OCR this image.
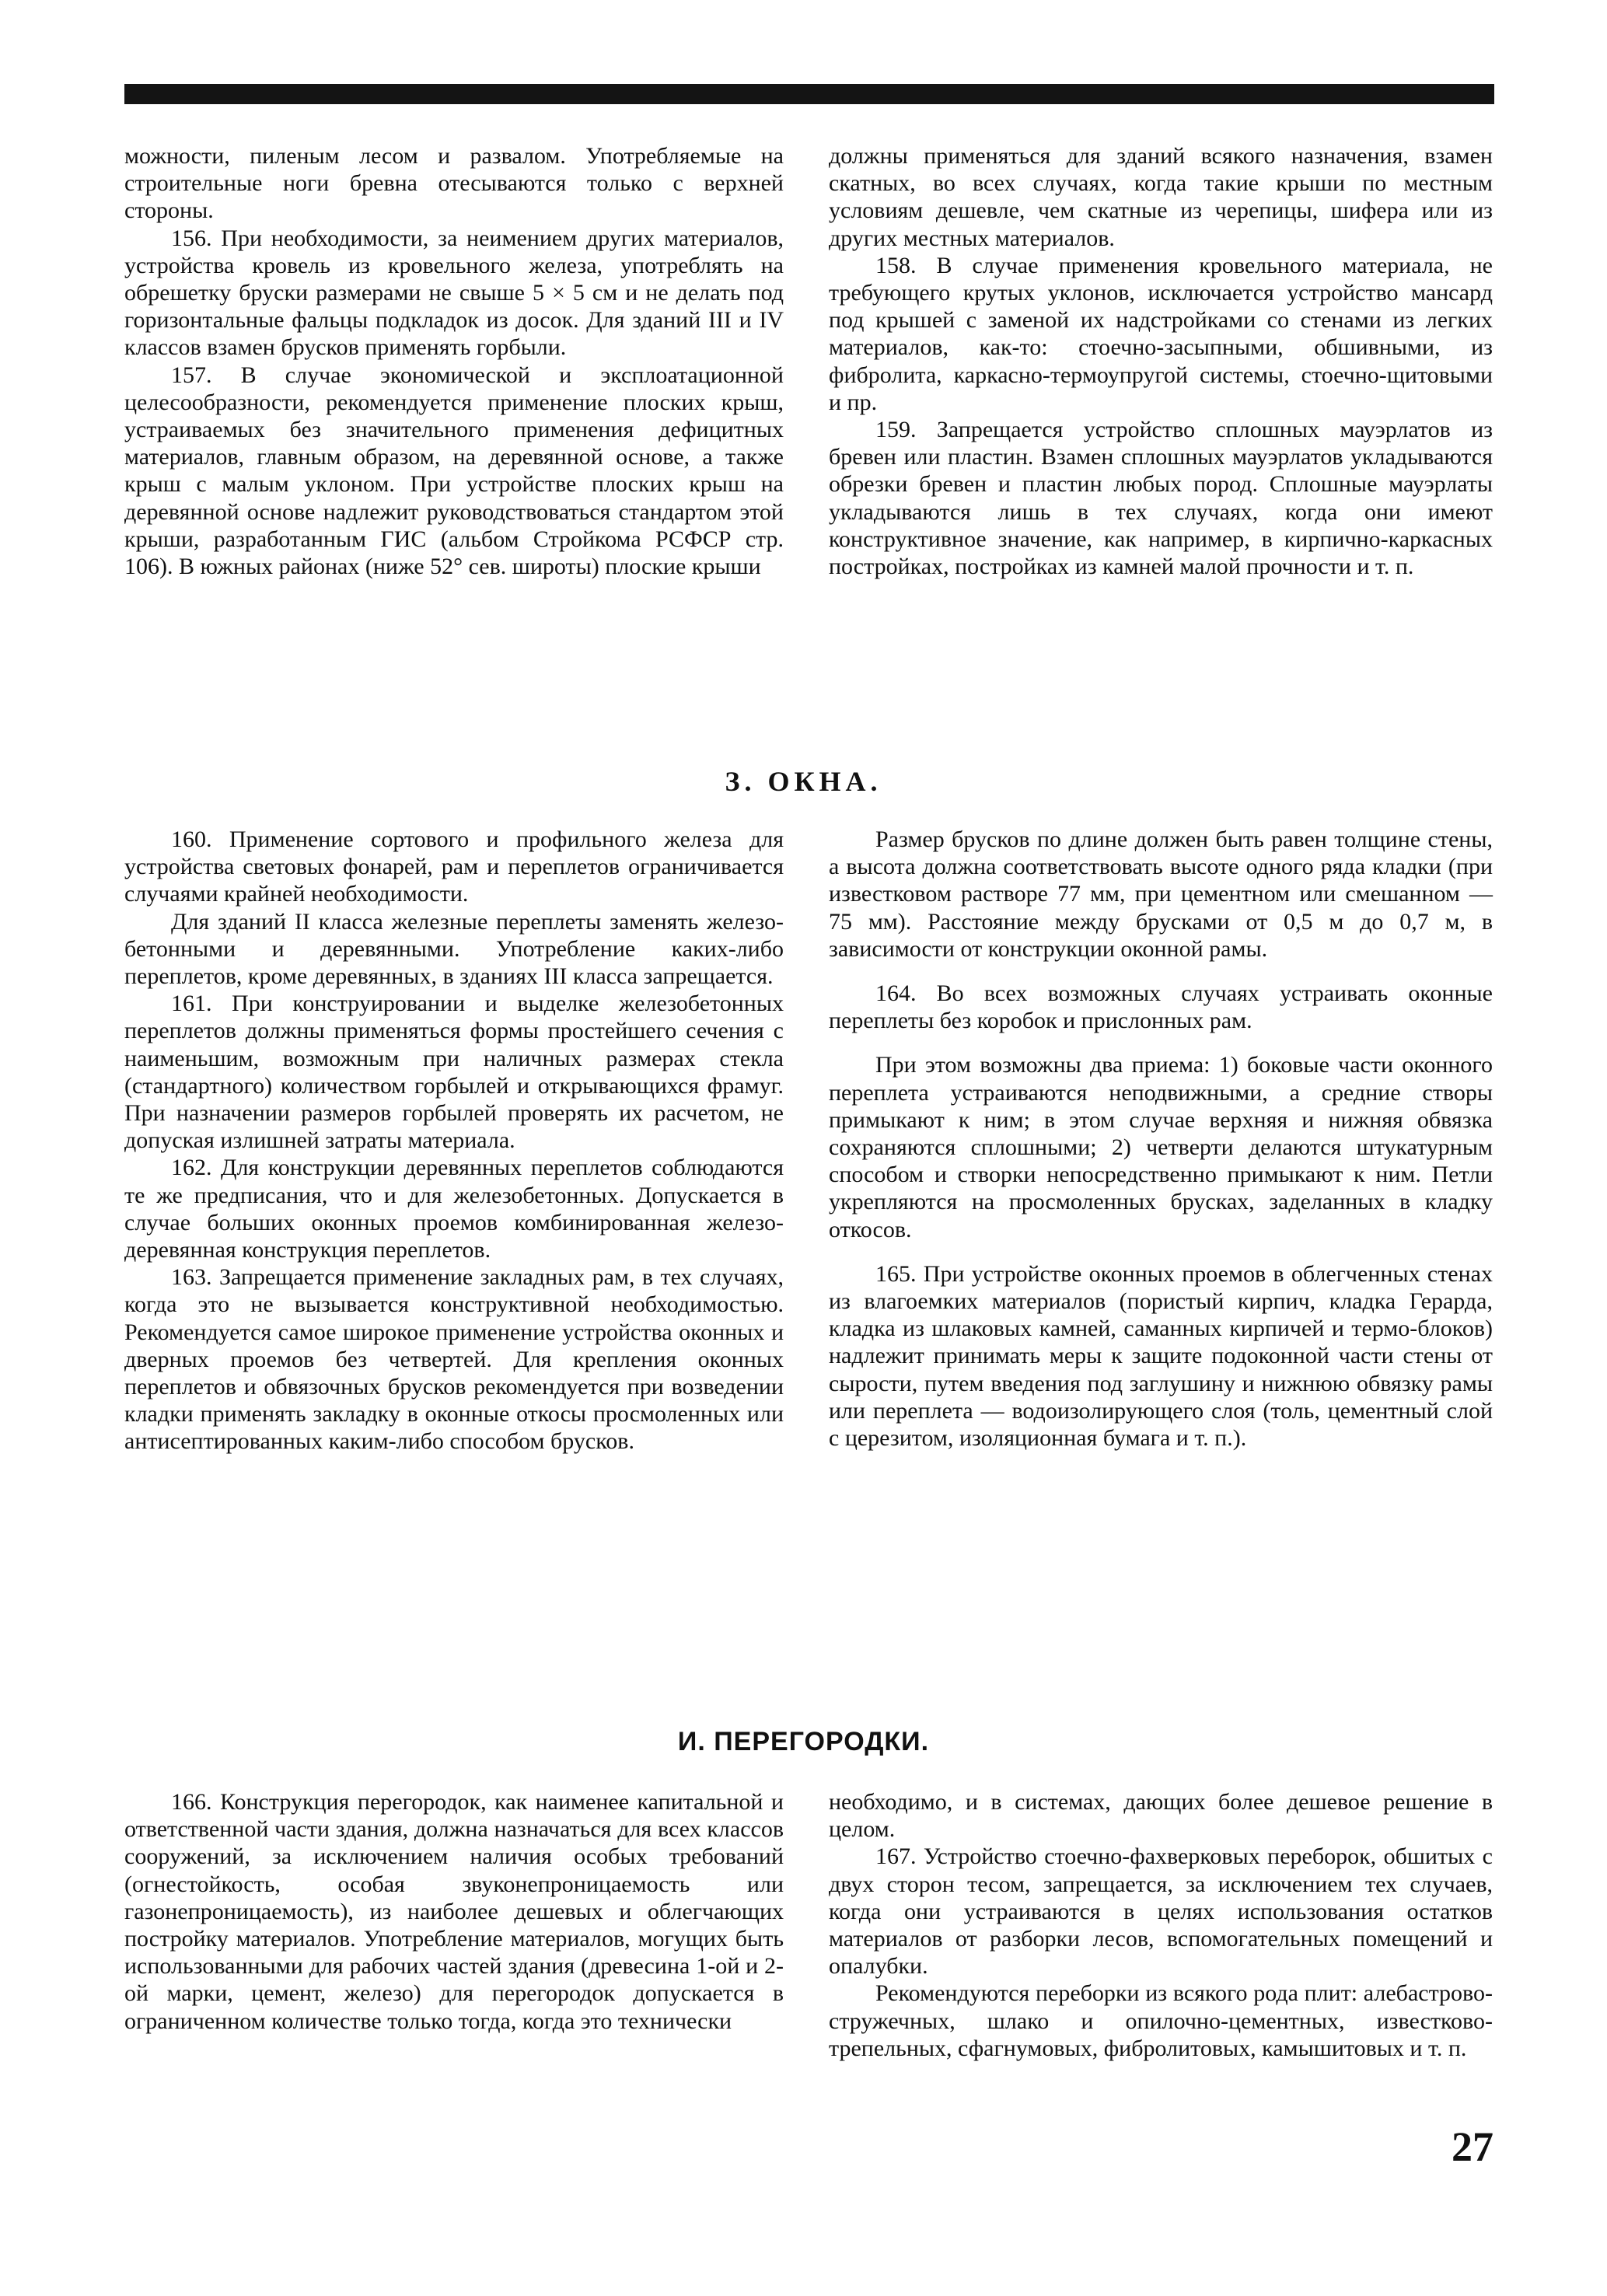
можности, пиленым лесом и развалом. Употребляемые на строительные ноги бревна отесываются только с верхней стороны.

156. При необходимости, за неимением других материалов, устройства кровель из кровельного железа, употреблять на обрешетку бруски размерами не свыше 5 × 5 см и не делать под горизонтальные фальцы подкладок из досок. Для зданий III и IV классов взамен брусков применять горбыли.

157. В случае экономической и эксплоатационной целесообразности, рекомендуется применение плоских крыш, устраиваемых без значительного применения дефицитных материалов, главным образом, на деревянной основе, а также крыш с малым уклоном. При устройстве плоских крыш на деревянной основе надлежит руководствоваться стандартом этой крыши, разработанным ГИС (альбом Стройкома РСФСР стр. 106). В южных районах (ниже 52° сев. широты) плоские крыши

должны применяться для зданий всякого назначения, взамен скатных, во всех случаях, когда такие крыши по местным условиям дешевле, чем скатные из черепицы, шифера или из других местных материалов.

158. В случае применения кровельного материала, не требующего крутых уклонов, исключается устройство мансард под крышей с заменой их надстройками со стенами из легких материалов, как-то: стоечно-засыпными, обшивными, из фибролита, каркасно-термоупругой системы, стоечно-щитовыми и пр.

159. Запрещается устройство сплошных мауэрлатов из бревен или пластин. Взамен сплошных мауэрлатов укладываются обрезки бревен и пластин любых пород. Сплошные мауэрлаты укладываются лишь в тех случаях, когда они имеют конструктивное значение, как например, в кирпично-каркасных постройках, постройках из камней малой прочности и т. п.

З. ОКНА.

160. Применение сортового и профильного железа для устройства световых фонарей, рам и переплетов ограничивается случаями крайней необходимости.

Для зданий II класса железные переплеты заменять железо-бетонными и деревянными. Употребление каких-либо переплетов, кроме деревянных, в зданиях III класса запрещается.

161. При конструировании и выделке железобетонных переплетов должны применяться формы простейшего сечения с наименьшим, возможным при наличных размерах стекла (стандартного) количеством горбылей и открывающихся фрамуг. При назначении размеров горбылей проверять их расчетом, не допуская излишней затраты материала.

162. Для конструкции деревянных переплетов соблюдаются те же предписания, что и для железобетонных. Допускается в случае больших оконных проемов комбинированная железо-деревянная конструкция переплетов.

163. Запрещается применение закладных рам, в тех случаях, когда это не вызывается конструктивной необходимостью. Рекомендуется самое широкое применение устройства оконных и дверных проемов без четвертей. Для крепления оконных переплетов и обвязочных брусков рекомендуется при возведении кладки применять закладку в оконные откосы просмоленных или антисептированных каким-либо способом брусков.

Размер брусков по длине должен быть равен толщине стены, а высота должна соответствовать высоте одного ряда кладки (при известковом растворе 77 мм, при цементном или смешанном — 75 мм). Расстояние между брусками от 0,5 м до 0,7 м, в зависимости от конструкции оконной рамы.

164. Во всех возможных случаях устраивать оконные переплеты без коробок и прислонных рам.

При этом возможны два приема: 1) боковые части оконного переплета устраиваются неподвижными, а средние створы примыкают к ним; в этом случае верхняя и нижняя обвязка сохраняются сплошными; 2) четверти делаются штукатурным способом и створки непосредственно примыкают к ним. Петли укрепляются на просмоленных брусках, заделанных в кладку откосов.

165. При устройстве оконных проемов в облегченных стенах из влагоемких материалов (пористый кирпич, кладка Герарда, кладка из шлаковых камней, саманных кирпичей и термо-блоков) надлежит принимать меры к защите подоконной части стены от сырости, путем введения под заглушину и нижнюю обвязку рамы или переплета — водоизолирующего слоя (толь, цементный слой с церезитом, изоляционная бумага и т. п.).

И. ПЕРЕГОРОДКИ.

166. Конструкция перегородок, как наименее капитальной и ответственной части здания, должна назначаться для всех классов сооружений, за исключением наличия особых требований (огнестойкость, особая звуконепроницаемость или газонепроницаемость), из наиболее дешевых и облегчающих постройку материалов. Употребление материалов, могущих быть использованными для рабочих частей здания (древесина 1-ой и 2-ой марки, цемент, железо) для перегородок допускается в ограниченном количестве только тогда, когда это технически

необходимо, и в системах, дающих более дешевое решение в целом.

167. Устройство стоечно-фахверковых переборок, обшитых с двух сторон тесом, запрещается, за исключением тех случаев, когда они устраиваются в целях использования остатков материалов от разборки лесов, вспомогательных помещений и опалубки.

Рекомендуются переборки из всякого рода плит: алебастрово-стружечных, шлако и опилочно-цементных, известково-трепельных, сфагнумовых, фибролитовых, камышитовых и т. п.

27
